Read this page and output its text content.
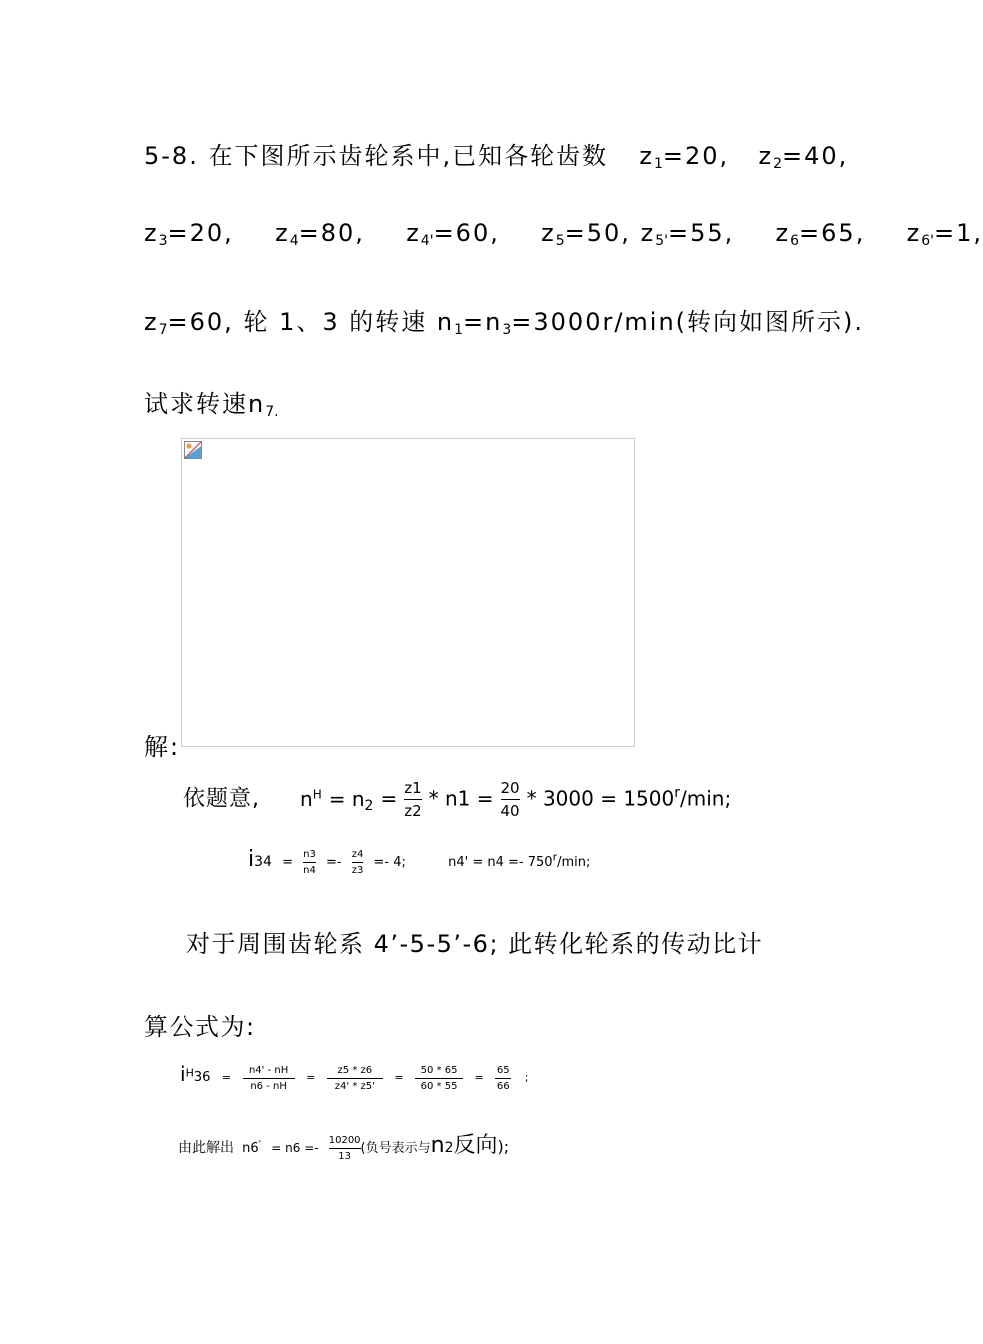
5-8. 在下图所示齿轮系中,已知各轮齿数 $z_1=20$, $z_2=40$,
$z_3=20$, $z_4=80$, $z_{4'}=60$, $z_5=50$, $z_{5'}=55$, $z_6=65$, $z_{6'}=1$,
$z_7=60$, 轮 1、3 的转速 $n_1=n_3=3000r/\min$(转向如图所示).
试求转速$n_{7.}$
解:
依题意, $n^H = n_2 = \frac{z1}{z2} * n1 = \frac{20}{40} * 3000 = 1500^r/\min$;
$i34 = \frac{n3}{n4} =- \frac{z4}{z3} =- 4$;	n4' = n4 =- 750$^r$/min;
对于周围齿轮系 4’-5-5’-6; 此转化轮系的传动比计
算公式为:
$i^H36 = \frac{n4' - nH}{n6 - nH} = \frac{z5 * z6}{z4' * z5'} = \frac{50 * 65}{60 * 55} = \frac{65}{66}$ ;
由此解出 $n6' = n6 =- \frac{10200}{13}$ (负号表示与n2反向);
